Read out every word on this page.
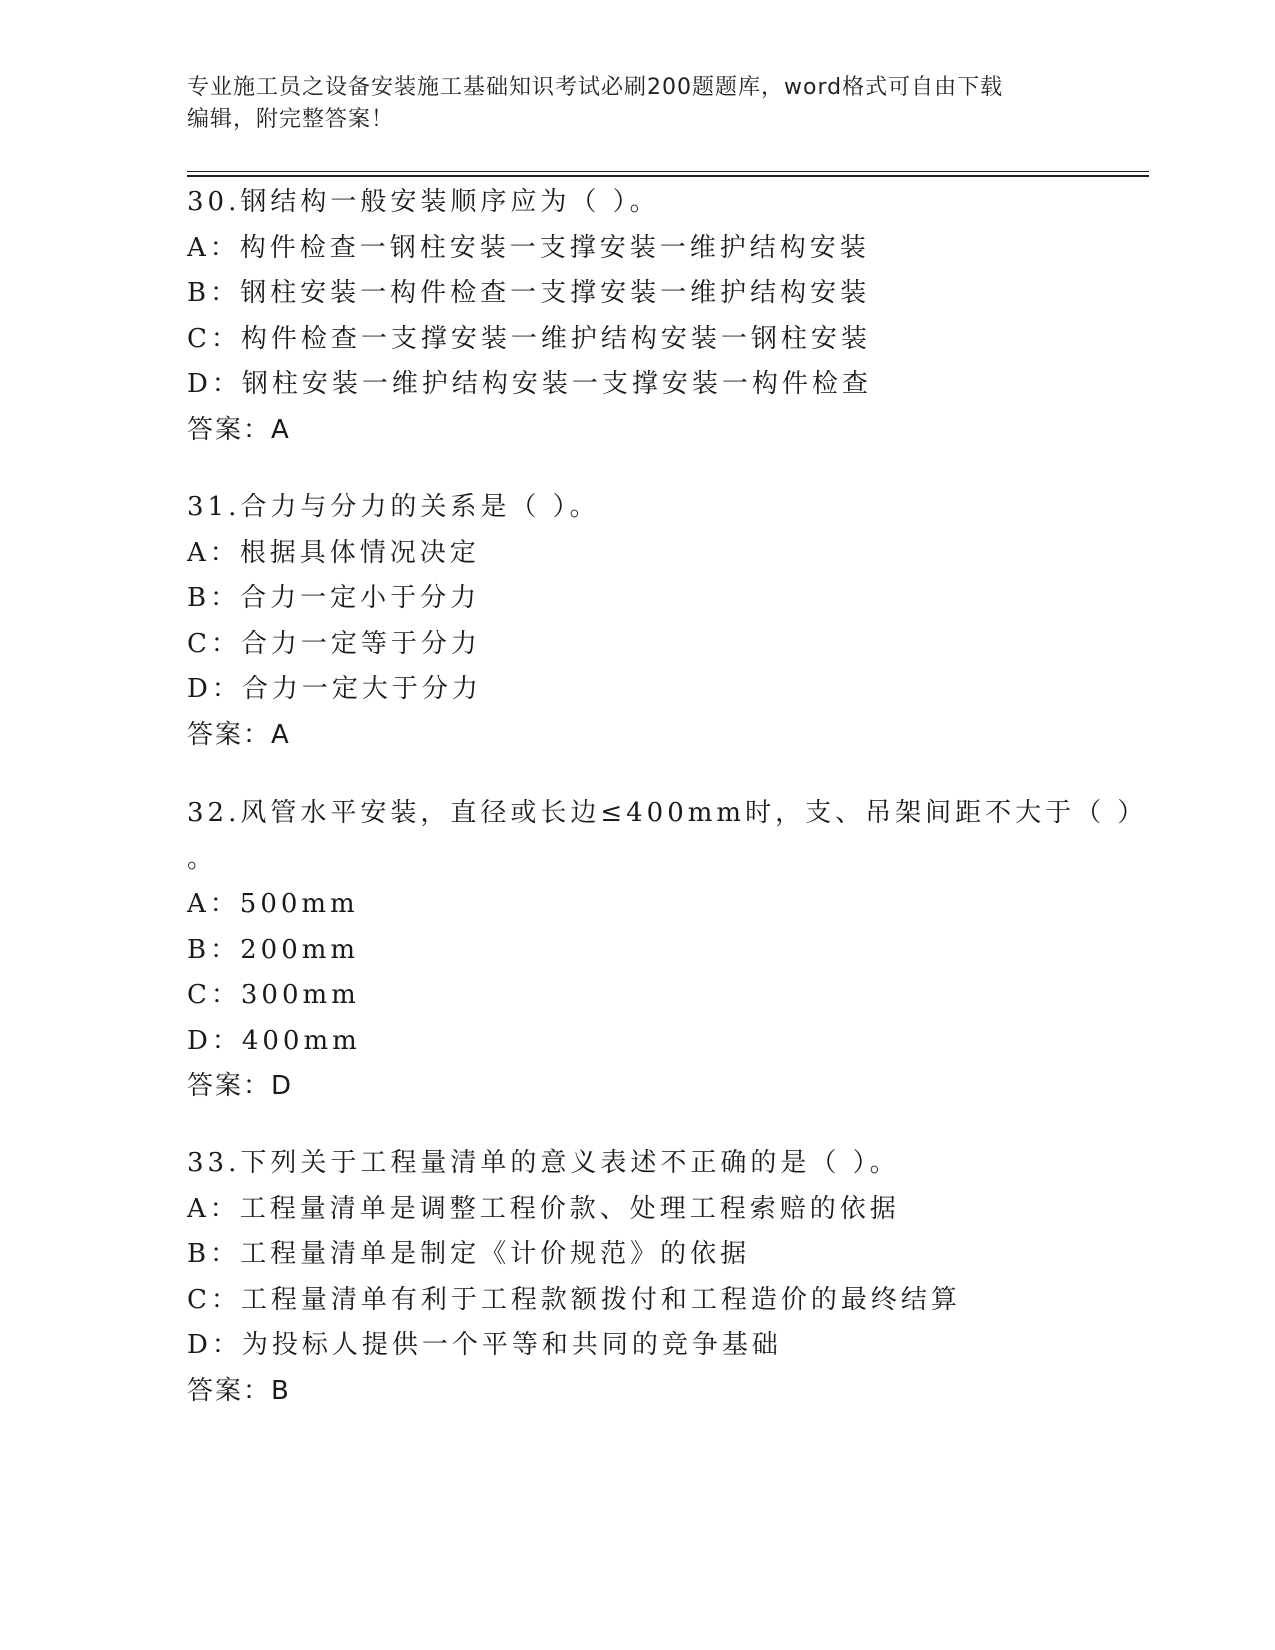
专业施工员之设备安装施工基础知识考试必刷200题题库，word格式可自由下载
编辑，附完整答案！
30.钢结构一般安装顺序应为（ ）。
A：构件检查一钢柱安装一支撑安装一维护结构安装
B：钢柱安装一构件检查一支撑安装一维护结构安装
C：构件检查一支撑安装一维护结构安装一钢柱安装
D：钢柱安装一维护结构安装一支撑安装一构件检查
答案：A
31.合力与分力的关系是（ ）。
A：根据具体情况决定
B：合力一定小于分力
C：合力一定等于分力
D：合力一定大于分力
答案：A
32.风管水平安装，直径或长边≤400mm时，支、吊架间距不大于（ ）
。
A：500mm
B：200mm
C：300mm
D：400mm
答案：D
33.下列关于工程量清单的意义表述不正确的是（ ）。
A：工程量清单是调整工程价款、处理工程索赔的依据
B：工程量清单是制定《计价规范》的依据
C：工程量清单有利于工程款额拨付和工程造价的最终结算
D：为投标人提供一个平等和共同的竞争基础
答案：B
